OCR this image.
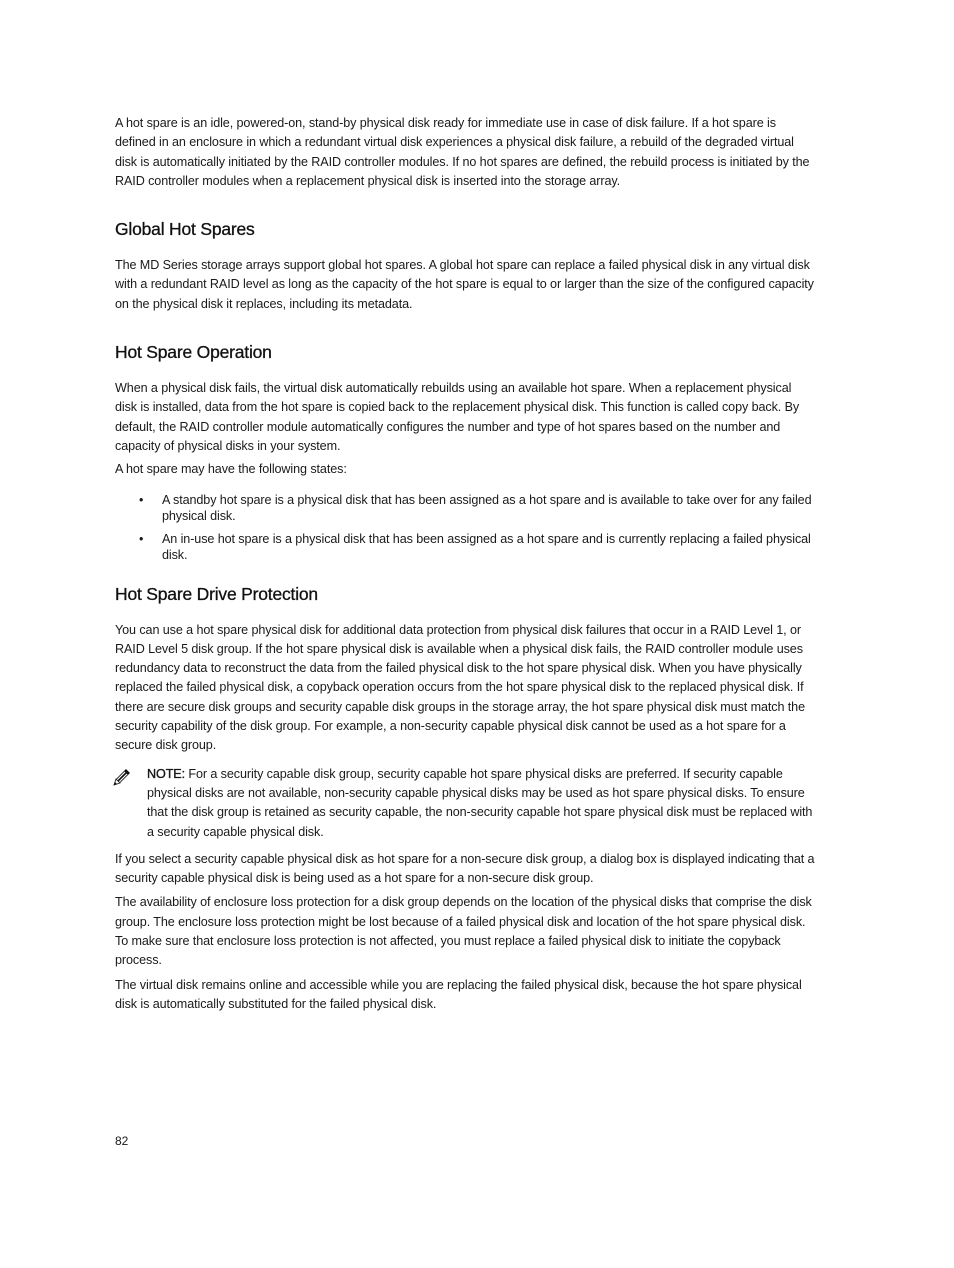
A hot spare is an idle, powered-on, stand-by physical disk ready for immediate use in case of disk failure. If a hot spare is defined in an enclosure in which a redundant virtual disk experiences a physical disk failure, a rebuild of the degraded virtual disk is automatically initiated by the RAID controller modules. If no hot spares are defined, the rebuild process is initiated by the RAID controller modules when a replacement physical disk is inserted into the storage array.

Global Hot Spares

The MD Series storage arrays support global hot spares. A global hot spare can replace a failed physical disk in any virtual disk with a redundant RAID level as long as the capacity of the hot spare is equal to or larger than the size of the configured capacity on the physical disk it replaces, including its metadata.

Hot Spare Operation

When a physical disk fails, the virtual disk automatically rebuilds using an available hot spare. When a replacement physical disk is installed, data from the hot spare is copied back to the replacement physical disk. This function is called copy back. By default, the RAID controller module automatically configures the number and type of hot spares based on the number and capacity of physical disks in your system.

A hot spare may have the following states:

• A standby hot spare is a physical disk that has been assigned as a hot spare and is available to take over for any failed physical disk.
• An in-use hot spare is a physical disk that has been assigned as a hot spare and is currently replacing a failed physical disk.
Hot Spare Drive Protection

You can use a hot spare physical disk for additional data protection from physical disk failures that occur in a RAID Level 1, or RAID Level 5 disk group. If the hot spare physical disk is available when a physical disk fails, the RAID controller module uses redundancy data to reconstruct the data from the failed physical disk to the hot spare physical disk. When you have physically replaced the failed physical disk, a copyback operation occurs from the hot spare physical disk to the replaced physical disk. If there are secure disk groups and security capable disk groups in the storage array, the hot spare physical disk must match the security capability of the disk group. For example, a non-security capable physical disk cannot be used as a hot spare for a secure disk group.

NOTE: For a security capable disk group, security capable hot spare physical disks are preferred. If security capable physical disks are not available, non-security capable physical disks may be used as hot spare physical disks. To ensure that the disk group is retained as security capable, the non-security capable hot spare physical disk must be replaced with a security capable physical disk.

If you select a security capable physical disk as hot spare for a non-secure disk group, a dialog box is displayed indicating that a security capable physical disk is being used as a hot spare for a non-secure disk group.

The availability of enclosure loss protection for a disk group depends on the location of the physical disks that comprise the disk group. The enclosure loss protection might be lost because of a failed physical disk and location of the hot spare physical disk. To make sure that enclosure loss protection is not affected, you must replace a failed physical disk to initiate the copyback process.

The virtual disk remains online and accessible while you are replacing the failed physical disk, because the hot spare physical disk is automatically substituted for the failed physical disk.

82
